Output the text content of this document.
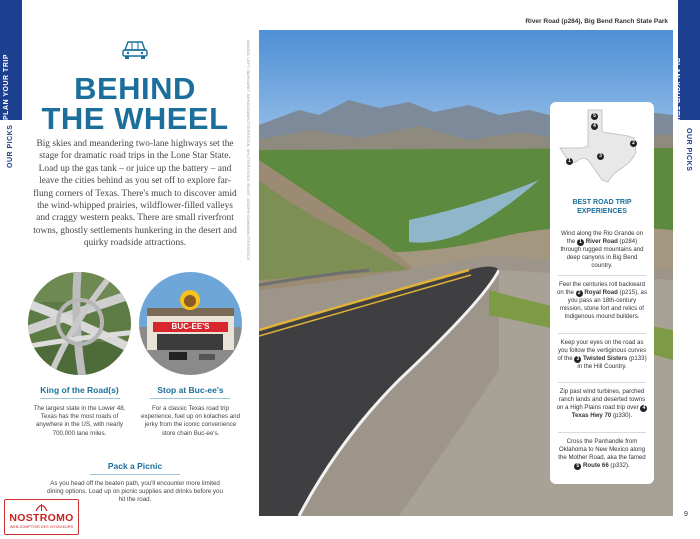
PLAN YOUR TRIP
OUR PICKS
PLAN YOUR TRIP
OUR PICKS
BEHIND
THE WHEEL
Big skies and meandering two-lane highways set the stage for dramatic road trips in the Lone Star State. Load up the gas tank – or juice up the battery – and leave the cities behind as you set off to explore far-flung corners of Texas. There's much to discover amid the wind-whipped prairies, wildflower-filled valleys and craggy western peaks. There are small riverfront towns, ghostly settlements hunkering in the desert and quirky roadside attractions.
BUC-EE'S
King of the Road(s)
The largest state in the Lower 48, Texas has the most roads of anywhere in the US, with nearly 700,000 lane miles.
Stop at Buc-ee's
For a classic Texas road trip experience, fuel up on kolaches and jerky from the iconic convenience store chain Buc-ee's.
Pack a Picnic
As you head off the beaten path, you'll encounter more limited dining options. Load up on picnic supplies and drinks before you hit the road.
IMAGES: LEFT: MARGARET JOHNSON/SHUTTERSTOCK; SHUTTERSTOCK; RIGHT: JOSEPH SOHM/SHUTTERSTOCK
River Road (p284), Big Bend Ranch State Park
1
2
3
4
5
BEST ROAD TRIP
EXPERIENCES
Wind along the Rio Grande on the 1 River Road (p284) through rugged mountains and deep canyons in Big Bend country.
Feel the centuries roll backward on the 2 Royal Road (p215), as you pass an 18th-century mission, stone fort and relics of Indigenous mound builders.
Keep your eyes on the road as you follow the vertiginous curves of the 3 Twisted Sisters (p133) in the Hill Country.
Zip past wind turbines, parched ranch lands and deserted towns on a High Plains road trip over 4 Texas Hwy 70 (p330).
Cross the Panhandle from Oklahoma to New Mexico along the Mother Road, aka the famed 5 Route 66 (p332).
9
NOSTROMO
WEB-COMPTOIR DES VOYAGEURS
